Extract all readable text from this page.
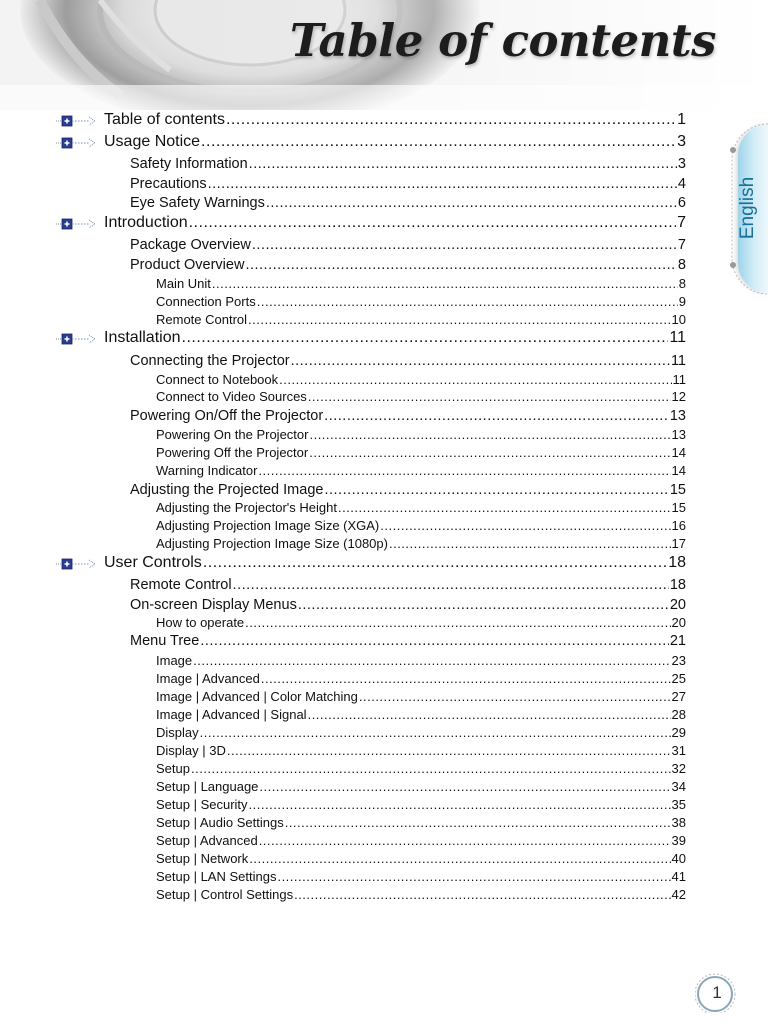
Table of contents
English
Table of contents .....	1
Usage Notice .....	3
Safety Information .....	3
Precautions .....	4
Eye Safety Warnings .....	6
Introduction .....	7
Package Overview .....	7
Product Overview .....	8
Main Unit .....	8
Connection Ports .....	9
Remote Control .....	10
Installation .....	11
Connecting the Projector .....	11
Connect to Notebook .....	11
Connect to Video Sources .....	12
Powering On/Off the Projector .....	13
Powering On the Projector .....	13
Powering Off the Projector .....	14
Warning Indicator .....	14
Adjusting the Projected Image .....	15
Adjusting the Projector's Height .....	15
Adjusting Projection Image Size (XGA) .....	16
Adjusting Projection Image Size (1080p) .....	17
User Controls .....	18
Remote Control .....	18
On-screen Display Menus .....	20
How to operate .....	20
Menu Tree .....	21
Image .....	23
Image | Advanced .....	25
Image | Advanced | Color Matching .....	27
Image | Advanced | Signal .....	28
Display .....	29
Display | 3D .....	31
Setup .....	32
Setup | Language .....	34
Setup | Security .....	35
Setup | Audio Settings .....	38
Setup | Advanced .....	39
Setup | Network .....	40
Setup | LAN Settings .....	41
Setup | Control Settings .....	42
1
